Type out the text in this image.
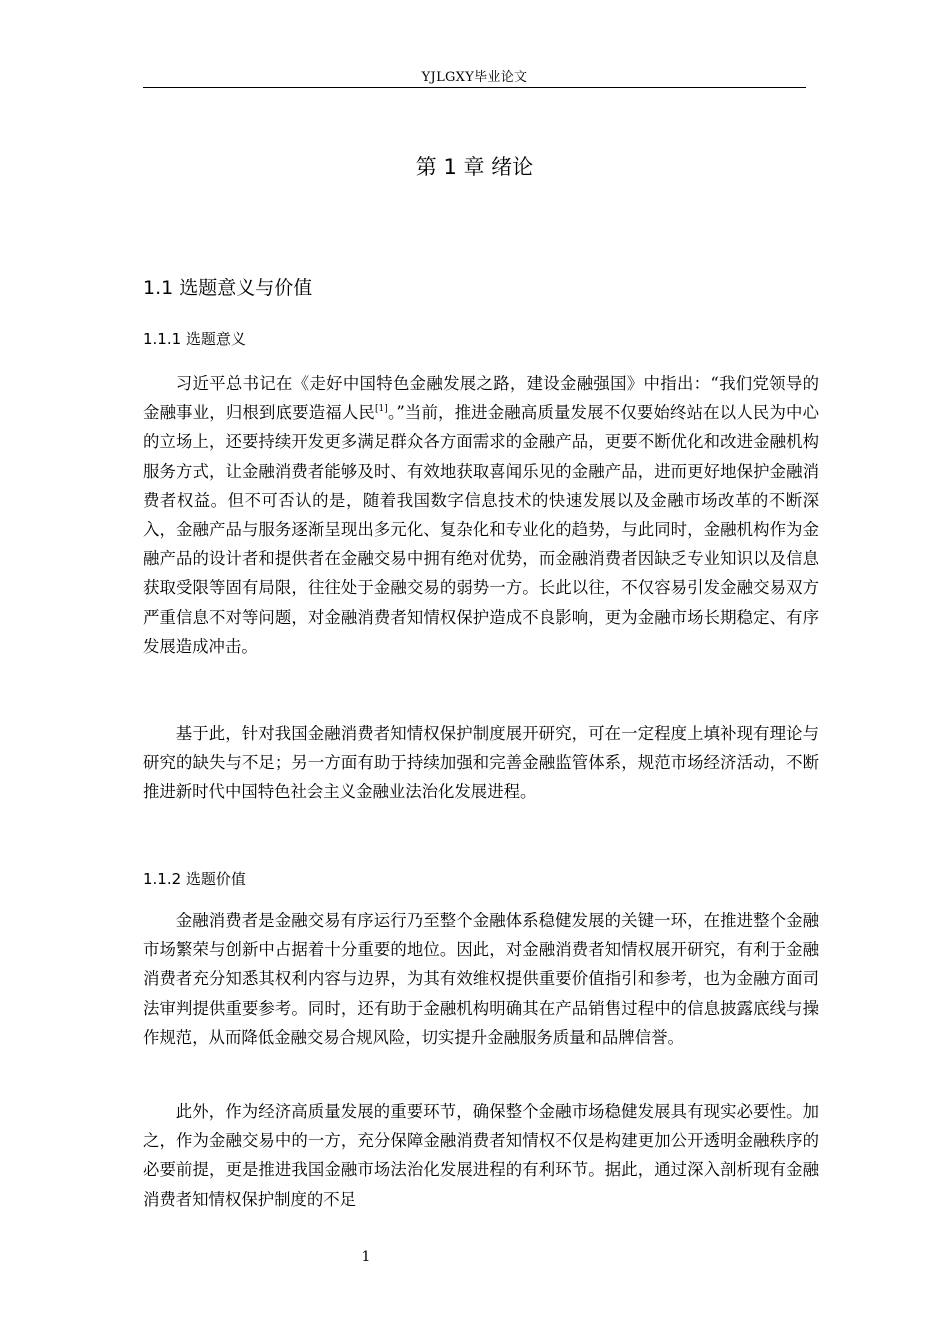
YJLGXY毕业论文
第 1 章 绪论
1.1 选题意义与价值
1.1.1 选题意义

习近平总书记在《走好中国特色金融发展之路，建设金融强国》中指出：“我们党领导的金融事业，归根到底要造福人民[1]。”当前，推进金融高质量发展不仅要始终站在以人民为中心的立场上，还要持续开发更多满足群众各方面需求的金融产品，更要不断优化和改进金融机构服务方式，让金融消费者能够及时、有效地获取喜闻乐见的金融产品，进而更好地保护金融消费者权益。但不可否认的是，随着我国数字信息技术的快速发展以及金融市场改革的不断深入，金融产品与服务逐渐呈现出多元化、复杂化和专业化的趋势，与此同时，金融机构作为金融产品的设计者和提供者在金融交易中拥有绝对优势，而金融消费者因缺乏专业知识以及信息获取受限等固有局限，往往处于金融交易的弱势一方。长此以往，不仅容易引发金融交易双方严重信息不对等问题，对金融消费者知情权保护造成不良影响，更为金融市场长期稳定、有序发展造成冲击。

基于此，针对我国金融消费者知情权保护制度展开研究，可在一定程度上填补现有理论与研究的缺失与不足；另一方面有助于持续加强和完善金融监管体系，规范市场经济活动，不断推进新时代中国特色社会主义金融业法治化发展进程。

1.1.2 选题价值

金融消费者是金融交易有序运行乃至整个金融体系稳健发展的关键一环，在推进整个金融市场繁荣与创新中占据着十分重要的地位。因此，对金融消费者知情权展开研究，有利于金融消费者充分知悉其权利内容与边界，为其有效维权提供重要价值指引和参考，也为金融方面司法审判提供重要参考。同时，还有助于金融机构明确其在产品销售过程中的信息披露底线与操作规范，从而降低金融交易合规风险，切实提升金融服务质量和品牌信誉。

此外，作为经济高质量发展的重要环节，确保整个金融市场稳健发展具有现实必要性。加之，作为金融交易中的一方，充分保障金融消费者知情权不仅是构建更加公开透明金融秩序的必要前提，更是推进我国金融市场法治化发展进程的有利环节。据此，通过深入剖析现有金融消费者知情权保护制度的不足

1
